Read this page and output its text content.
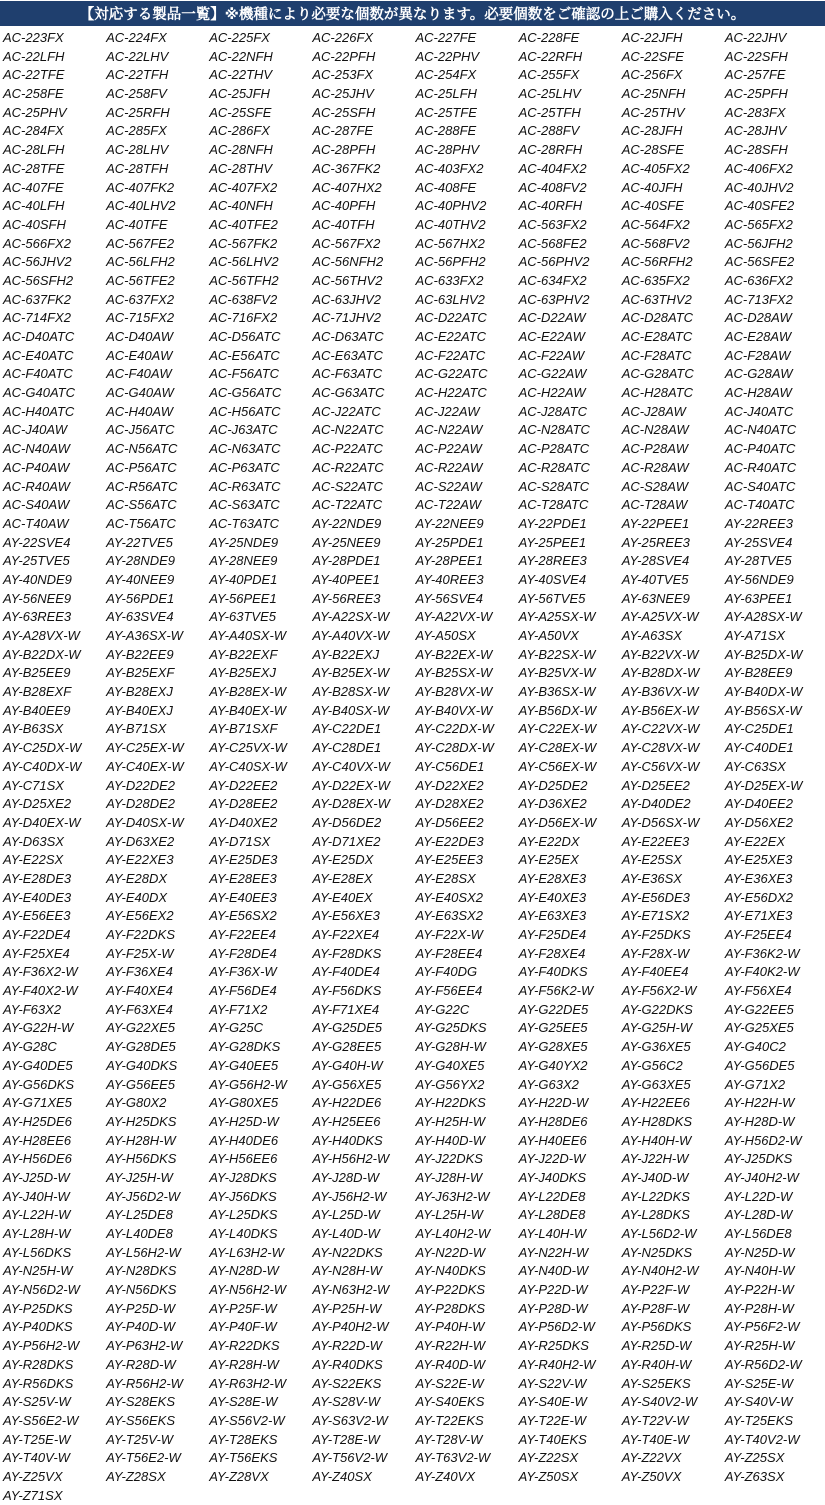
【対応する製品一覧】※機種により必要な個数が異なります。必要個数をご確認の上ご購入ください。
AC-223FX	AC-224FX	AC-225FX	AC-226FX	AC-227FE	AC-228FE	AC-22JFH	AC-22JHV
AC-22LFH	AC-22LHV	AC-22NFH	AC-22PFH	AC-22PHV	AC-22RFH	AC-22SFE	AC-22SFH
AC-22TFE	AC-22TFH	AC-22THV	AC-253FX	AC-254FX	AC-255FX	AC-256FX	AC-257FE
AC-258FE	AC-258FV	AC-25JFH	AC-25JHV	AC-25LFH	AC-25LHV	AC-25NFH	AC-25PFH
AC-25PHV	AC-25RFH	AC-25SFE	AC-25SFH	AC-25TFE	AC-25TFH	AC-25THV	AC-283FX
AC-284FX	AC-285FX	AC-286FX	AC-287FE	AC-288FE	AC-288FV	AC-28JFH	AC-28JHV
AC-28LFH	AC-28LHV	AC-28NFH	AC-28PFH	AC-28PHV	AC-28RFH	AC-28SFE	AC-28SFH
AC-28TFE	AC-28TFH	AC-28THV	AC-367FK2	AC-403FX2	AC-404FX2	AC-405FX2	AC-406FX2
AC-407FE	AC-407FK2	AC-407FX2	AC-407HX2	AC-408FE	AC-408FV2	AC-40JFH	AC-40JHV2
AC-40LFH	AC-40LHV2	AC-40NFH	AC-40PFH	AC-40PHV2	AC-40RFH	AC-40SFE	AC-40SFE2
AC-40SFH	AC-40TFE	AC-40TFE2	AC-40TFH	AC-40THV2	AC-563FX2	AC-564FX2	AC-565FX2
AC-566FX2	AC-567FE2	AC-567FK2	AC-567FX2	AC-567HX2	AC-568FE2	AC-568FV2	AC-56JFH2
AC-56JHV2	AC-56LFH2	AC-56LHV2	AC-56NFH2	AC-56PFH2	AC-56PHV2	AC-56RFH2	AC-56SFE2
AC-56SFH2	AC-56TFE2	AC-56TFH2	AC-56THV2	AC-633FX2	AC-634FX2	AC-635FX2	AC-636FX2
AC-637FK2	AC-637FX2	AC-638FV2	AC-63JHV2	AC-63LHV2	AC-63PHV2	AC-63THV2	AC-713FX2
AC-714FX2	AC-715FX2	AC-716FX2	AC-71JHV2	AC-D22ATC	AC-D22AW	AC-D28ATC	AC-D28AW
AC-D40ATC	AC-D40AW	AC-D56ATC	AC-D63ATC	AC-E22ATC	AC-E22AW	AC-E28ATC	AC-E28AW
AC-E40ATC	AC-E40AW	AC-E56ATC	AC-E63ATC	AC-F22ATC	AC-F22AW	AC-F28ATC	AC-F28AW
AC-F40ATC	AC-F40AW	AC-F56ATC	AC-F63ATC	AC-G22ATC	AC-G22AW	AC-G28ATC	AC-G28AW
AC-G40ATC	AC-G40AW	AC-G56ATC	AC-G63ATC	AC-H22ATC	AC-H22AW	AC-H28ATC	AC-H28AW
AC-H40ATC	AC-H40AW	AC-H56ATC	AC-J22ATC	AC-J22AW	AC-J28ATC	AC-J28AW	AC-J40ATC
AC-J40AW	AC-J56ATC	AC-J63ATC	AC-N22ATC	AC-N22AW	AC-N28ATC	AC-N28AW	AC-N40ATC
AC-N40AW	AC-N56ATC	AC-N63ATC	AC-P22ATC	AC-P22AW	AC-P28ATC	AC-P28AW	AC-P40ATC
AC-P40AW	AC-P56ATC	AC-P63ATC	AC-R22ATC	AC-R22AW	AC-R28ATC	AC-R28AW	AC-R40ATC
AC-R40AW	AC-R56ATC	AC-R63ATC	AC-S22ATC	AC-S22AW	AC-S28ATC	AC-S28AW	AC-S40ATC
AC-S40AW	AC-S56ATC	AC-S63ATC	AC-T22ATC	AC-T22AW	AC-T28ATC	AC-T28AW	AC-T40ATC
AC-T40AW	AC-T56ATC	AC-T63ATC	AY-22NDE9	AY-22NEE9	AY-22PDE1	AY-22PEE1	AY-22REE3
AY-22SVE4	AY-22TVE5	AY-25NDE9	AY-25NEE9	AY-25PDE1	AY-25PEE1	AY-25REE3	AY-25SVE4
AY-25TVE5	AY-28NDE9	AY-28NEE9	AY-28PDE1	AY-28PEE1	AY-28REE3	AY-28SVE4	AY-28TVE5
AY-40NDE9	AY-40NEE9	AY-40PDE1	AY-40PEE1	AY-40REE3	AY-40SVE4	AY-40TVE5	AY-56NDE9
AY-56NEE9	AY-56PDE1	AY-56PEE1	AY-56REE3	AY-56SVE4	AY-56TVE5	AY-63NEE9	AY-63PEE1
AY-63REE3	AY-63SVE4	AY-63TVE5	AY-A22SX-W	AY-A22VX-W	AY-A25SX-W	AY-A25VX-W	AY-A28SX-W
AY-A28VX-W	AY-A36SX-W	AY-A40SX-W	AY-A40VX-W	AY-A50SX	AY-A50VX	AY-A63SX	AY-A71SX
AY-B22DX-W	AY-B22EE9	AY-B22EXF	AY-B22EXJ	AY-B22EX-W	AY-B22SX-W	AY-B22VX-W	AY-B25DX-W
AY-B25EE9	AY-B25EXF	AY-B25EXJ	AY-B25EX-W	AY-B25SX-W	AY-B25VX-W	AY-B28DX-W	AY-B28EE9
AY-B28EXF	AY-B28EXJ	AY-B28EX-W	AY-B28SX-W	AY-B28VX-W	AY-B36SX-W	AY-B36VX-W	AY-B40DX-W
AY-B40EE9	AY-B40EXJ	AY-B40EX-W	AY-B40SX-W	AY-B40VX-W	AY-B56DX-W	AY-B56EX-W	AY-B56SX-W
AY-B63SX	AY-B71SX	AY-B71SXF	AY-C22DE1	AY-C22DX-W	AY-C22EX-W	AY-C22VX-W	AY-C25DE1
AY-C25DX-W	AY-C25EX-W	AY-C25VX-W	AY-C28DE1	AY-C28DX-W	AY-C28EX-W	AY-C28VX-W	AY-C40DE1
AY-C40DX-W	AY-C40EX-W	AY-C40SX-W	AY-C40VX-W	AY-C56DE1	AY-C56EX-W	AY-C56VX-W	AY-C63SX
AY-C71SX	AY-D22DE2	AY-D22EE2	AY-D22EX-W	AY-D22XE2	AY-D25DE2	AY-D25EE2	AY-D25EX-W
AY-D25XE2	AY-D28DE2	AY-D28EE2	AY-D28EX-W	AY-D28XE2	AY-D36XE2	AY-D40DE2	AY-D40EE2
AY-D40EX-W	AY-D40SX-W	AY-D40XE2	AY-D56DE2	AY-D56EE2	AY-D56EX-W	AY-D56SX-W	AY-D56XE2
AY-D63SX	AY-D63XE2	AY-D71SX	AY-D71XE2	AY-E22DE3	AY-E22DX	AY-E22EE3	AY-E22EX
AY-E22SX	AY-E22XE3	AY-E25DE3	AY-E25DX	AY-E25EE3	AY-E25EX	AY-E25SX	AY-E25XE3
AY-E28DE3	AY-E28DX	AY-E28EE3	AY-E28EX	AY-E28SX	AY-E28XE3	AY-E36SX	AY-E36XE3
AY-E40DE3	AY-E40DX	AY-E40EE3	AY-E40EX	AY-E40SX2	AY-E40XE3	AY-E56DE3	AY-E56DX2
AY-E56EE3	AY-E56EX2	AY-E56SX2	AY-E56XE3	AY-E63SX2	AY-E63XE3	AY-E71SX2	AY-E71XE3
AY-F22DE4	AY-F22DKS	AY-F22EE4	AY-F22XE4	AY-F22X-W	AY-F25DE4	AY-F25DKS	AY-F25EE4
AY-F25XE4	AY-F25X-W	AY-F28DE4	AY-F28DKS	AY-F28EE4	AY-F28XE4	AY-F28X-W	AY-F36K2-W
AY-F36X2-W	AY-F36XE4	AY-F36X-W	AY-F40DE4	AY-F40DG	AY-F40DKS	AY-F40EE4	AY-F40K2-W
AY-F40X2-W	AY-F40XE4	AY-F56DE4	AY-F56DKS	AY-F56EE4	AY-F56K2-W	AY-F56X2-W	AY-F56XE4
AY-F63X2	AY-F63XE4	AY-F71X2	AY-F71XE4	AY-G22C	AY-G22DE5	AY-G22DKS	AY-G22EE5
AY-G22H-W	AY-G22XE5	AY-G25C	AY-G25DE5	AY-G25DKS	AY-G25EE5	AY-G25H-W	AY-G25XE5
AY-G28C	AY-G28DE5	AY-G28DKS	AY-G28EE5	AY-G28H-W	AY-G28XE5	AY-G36XE5	AY-G40C2
AY-G40DE5	AY-G40DKS	AY-G40EE5	AY-G40H-W	AY-G40XE5	AY-G40YX2	AY-G56C2	AY-G56DE5
AY-G56DKS	AY-G56EE5	AY-G56H2-W	AY-G56XE5	AY-G56YX2	AY-G63X2	AY-G63XE5	AY-G71X2
AY-G71XE5	AY-G80X2	AY-G80XE5	AY-H22DE6	AY-H22DKS	AY-H22D-W	AY-H22EE6	AY-H22H-W
AY-H25DE6	AY-H25DKS	AY-H25D-W	AY-H25EE6	AY-H25H-W	AY-H28DE6	AY-H28DKS	AY-H28D-W
AY-H28EE6	AY-H28H-W	AY-H40DE6	AY-H40DKS	AY-H40D-W	AY-H40EE6	AY-H40H-W	AY-H56D2-W
AY-H56DE6	AY-H56DKS	AY-H56EE6	AY-H56H2-W	AY-J22DKS	AY-J22D-W	AY-J22H-W	AY-J25DKS
AY-J25D-W	AY-J25H-W	AY-J28DKS	AY-J28D-W	AY-J28H-W	AY-J40DKS	AY-J40D-W	AY-J40H2-W
AY-J40H-W	AY-J56D2-W	AY-J56DKS	AY-J56H2-W	AY-J63H2-W	AY-L22DE8	AY-L22DKS	AY-L22D-W
AY-L22H-W	AY-L25DE8	AY-L25DKS	AY-L25D-W	AY-L25H-W	AY-L28DE8	AY-L28DKS	AY-L28D-W
AY-L28H-W	AY-L40DE8	AY-L40DKS	AY-L40D-W	AY-L40H2-W	AY-L40H-W	AY-L56D2-W	AY-L56DE8
AY-L56DKS	AY-L56H2-W	AY-L63H2-W	AY-N22DKS	AY-N22D-W	AY-N22H-W	AY-N25DKS	AY-N25D-W
AY-N25H-W	AY-N28DKS	AY-N28D-W	AY-N28H-W	AY-N40DKS	AY-N40D-W	AY-N40H2-W	AY-N40H-W
AY-N56D2-W	AY-N56DKS	AY-N56H2-W	AY-N63H2-W	AY-P22DKS	AY-P22D-W	AY-P22F-W	AY-P22H-W
AY-P25DKS	AY-P25D-W	AY-P25F-W	AY-P25H-W	AY-P28DKS	AY-P28D-W	AY-P28F-W	AY-P28H-W
AY-P40DKS	AY-P40D-W	AY-P40F-W	AY-P40H2-W	AY-P40H-W	AY-P56D2-W	AY-P56DKS	AY-P56F2-W
AY-P56H2-W	AY-P63H2-W	AY-R22DKS	AY-R22D-W	AY-R22H-W	AY-R25DKS	AY-R25D-W	AY-R25H-W
AY-R28DKS	AY-R28D-W	AY-R28H-W	AY-R40DKS	AY-R40D-W	AY-R40H2-W	AY-R40H-W	AY-R56D2-W
AY-R56DKS	AY-R56H2-W	AY-R63H2-W	AY-S22EKS	AY-S22E-W	AY-S22V-W	AY-S25EKS	AY-S25E-W
AY-S25V-W	AY-S28EKS	AY-S28E-W	AY-S28V-W	AY-S40EKS	AY-S40E-W	AY-S40V2-W	AY-S40V-W
AY-S56E2-W	AY-S56EKS	AY-S56V2-W	AY-S63V2-W	AY-T22EKS	AY-T22E-W	AY-T22V-W	AY-T25EKS
AY-T25E-W	AY-T25V-W	AY-T28EKS	AY-T28E-W	AY-T28V-W	AY-T40EKS	AY-T40E-W	AY-T40V2-W
AY-T40V-W	AY-T56E2-W	AY-T56EKS	AY-T56V2-W	AY-T63V2-W	AY-Z22SX	AY-Z22VX	AY-Z25SX
AY-Z25VX	AY-Z28SX	AY-Z28VX	AY-Z40SX	AY-Z40VX	AY-Z50SX	AY-Z50VX	AY-Z63SX
AY-Z71SX
